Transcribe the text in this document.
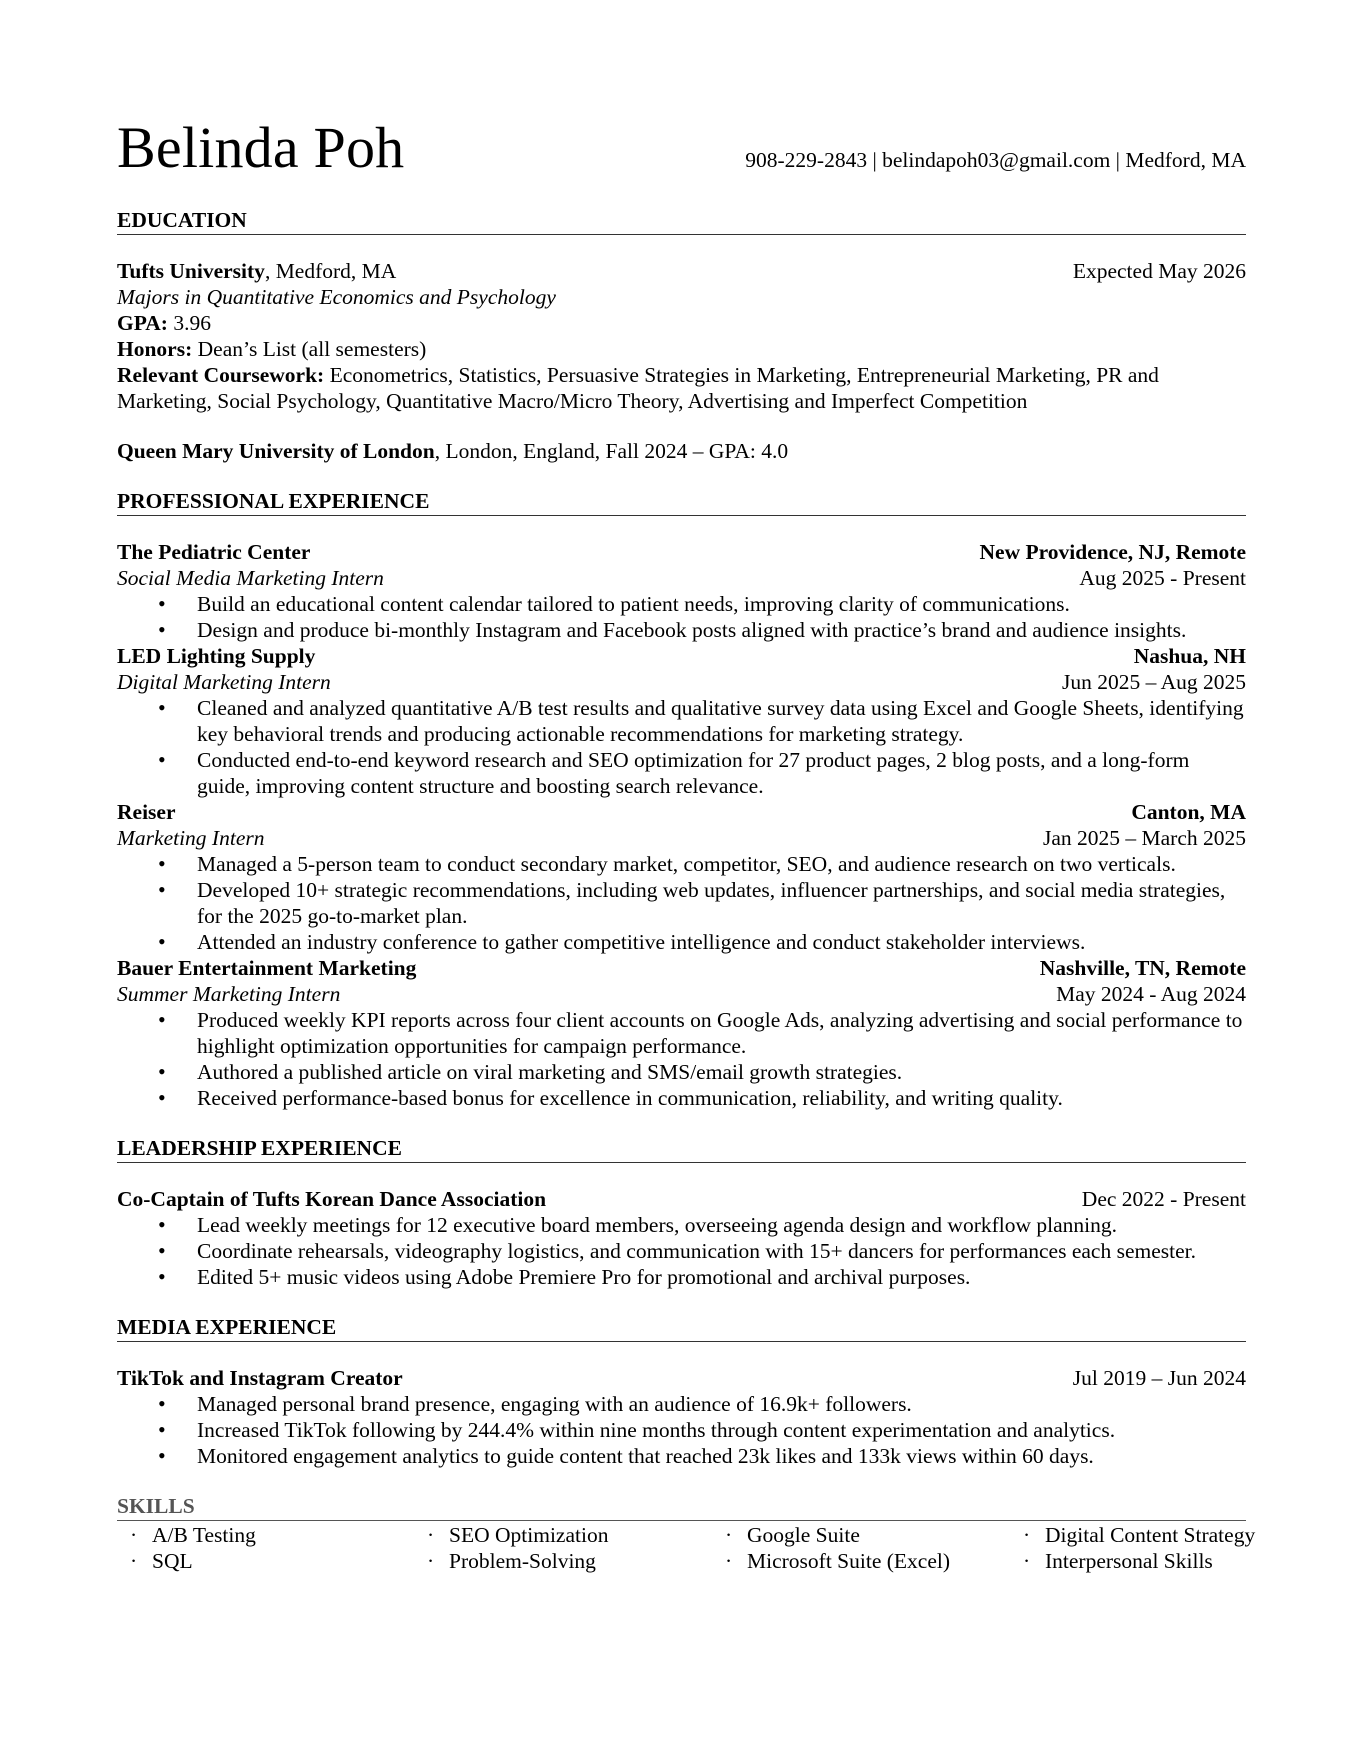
Belinda Poh	908-229-2843 | belindapoh03@gmail.com | Medford, MA
EDUCATION
Tufts University, Medford, MA	Expected May 2026
Majors in Quantitative Economics and Psychology
GPA: 3.96
Honors: Dean’s List (all semesters)
Relevant Coursework: Econometrics, Statistics, Persuasive Strategies in Marketing, Entrepreneurial Marketing, PR and
Marketing, Social Psychology, Quantitative Macro/Micro Theory, Advertising and Imperfect Competition
Queen Mary University of London, London, England, Fall 2024 – GPA: 4.0
PROFESSIONAL EXPERIENCE
The Pediatric Center	New Providence, NJ, Remote
Social Media Marketing Intern	Aug 2025 - Present
• Build an educational content calendar tailored to patient needs, improving clarity of communications.
• Design and produce bi-monthly Instagram and Facebook posts aligned with practice’s brand and audience insights.
LED Lighting Supply	Nashua, NH
Digital Marketing Intern	Jun 2025 – Aug 2025
• Cleaned and analyzed quantitative A/B test results and qualitative survey data using Excel and Google Sheets, identifying key behavioral trends and producing actionable recommendations for marketing strategy.
• Conducted end-to-end keyword research and SEO optimization for 27 product pages, 2 blog posts, and a long-form guide, improving content structure and boosting search relevance.
Reiser	Canton, MA
Marketing Intern	Jan 2025 – March 2025
• Managed a 5-person team to conduct secondary market, competitor, SEO, and audience research on two verticals.
• Developed 10+ strategic recommendations, including web updates, influencer partnerships, and social media strategies, for the 2025 go-to-market plan.
• Attended an industry conference to gather competitive intelligence and conduct stakeholder interviews.
Bauer Entertainment Marketing	Nashville, TN, Remote
Summer Marketing Intern	May 2024 - Aug 2024
• Produced weekly KPI reports across four client accounts on Google Ads, analyzing advertising and social performance to highlight optimization opportunities for campaign performance.
• Authored a published article on viral marketing and SMS/email growth strategies.
• Received performance-based bonus for excellence in communication, reliability, and writing quality.
LEADERSHIP EXPERIENCE
Co-Captain of Tufts Korean Dance Association	Dec 2022 - Present
• Lead weekly meetings for 12 executive board members, overseeing agenda design and workflow planning.
• Coordinate rehearsals, videography logistics, and communication with 15+ dancers for performances each semester.
• Edited 5+ music videos using Adobe Premiere Pro for promotional and archival purposes.
MEDIA EXPERIENCE
TikTok and Instagram Creator	Jul 2019 – Jun 2024
• Managed personal brand presence, engaging with an audience of 16.9k+ followers.
• Increased TikTok following by 244.4% within nine months through content experimentation and analytics.
• Monitored engagement analytics to guide content that reached 23k likes and 133k views within 60 days.
SKILLS
· A/B Testing	· SEO Optimization	· Google Suite	· Digital Content Strategy
· SQL	· Problem-Solving	· Microsoft Suite (Excel)	· Interpersonal Skills
